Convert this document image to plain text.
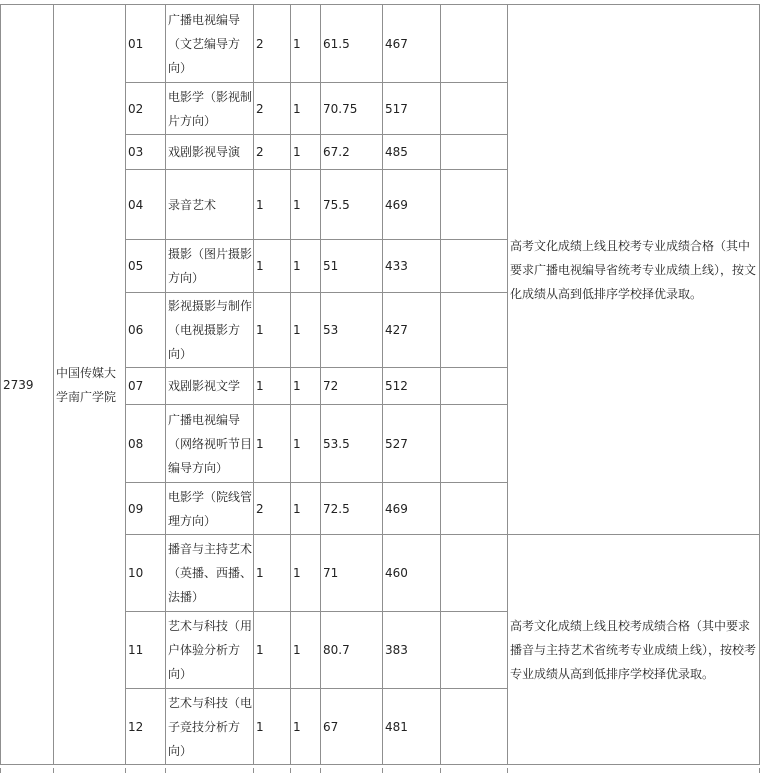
2739	中国传媒大学南广学院	01	广播电视编导（文艺编导方向）	2	1	61.5	467		高考文化成绩上线且校考专业成绩合格（其中要求广播电视编导省统考专业成绩上线），按文化成绩从高到低排序学校择优录取。
		02	电影学（影视制片方向）	2	1	70.75	517		
		03	戏剧影视导演	2	1	67.2	485		
		04	录音艺术	1	1	75.5	469		
		05	摄影（图片摄影方向）	1	1	51	433		
		06	影视摄影与制作（电视摄影方向）	1	1	53	427		
		07	戏剧影视文学	1	1	72	512		
		08	广播电视编导（网络视听节目编导方向）	1	1	53.5	527		
		09	电影学（院线管理方向）	2	1	72.5	469		
		10	播音与主持艺术（英播、西播、法播）	1	1	71	460		高考文化成绩上线且校考成绩合格（其中要求播音与主持艺术省统考专业成绩上线），按校考专业成绩从高到低排序学校择优录取。
		11	艺术与科技（用户体验分析方向）	1	1	80.7	383		
		12	艺术与科技（电子竞技分析方向）	1	1	67	481		
